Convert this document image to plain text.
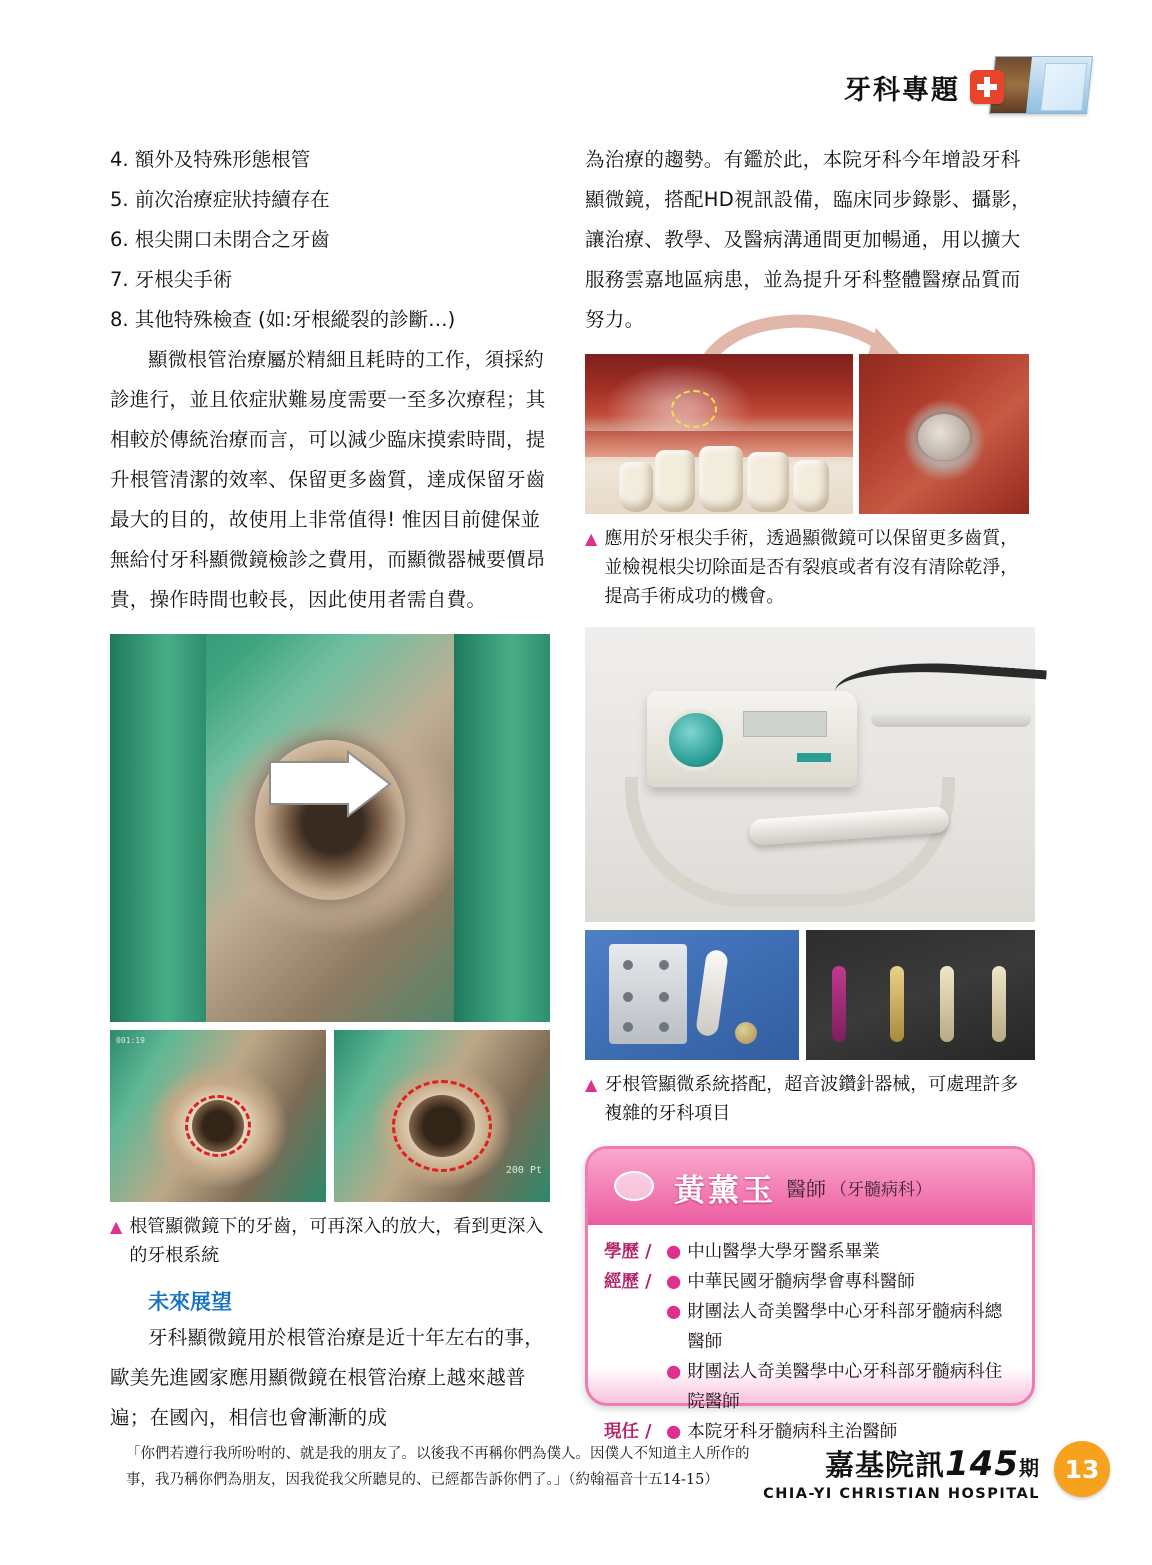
牙科專題
4. 額外及特殊形態根管
5. 前次治療症狀持續存在
6. 根尖開口未閉合之牙齒
7. 牙根尖手術
8. 其他特殊檢查 (如:牙根縱裂的診斷…)
顯微根管治療屬於精細且耗時的工作，須採約診進行，並且依症狀難易度需要一至多次療程；其相較於傳統治療而言，可以減少臨床摸索時間，提升根管清潔的效率、保留更多齒質，達成保留牙齒最大的目的，故使用上非常值得! 惟因目前健保並無給付牙科顯微鏡檢診之費用，而顯微器械要價昂貴，操作時間也較長，因此使用者需自費。
001:19
200 Pt
▲ 根管顯微鏡下的牙齒，可再深入的放大，看到更深入的牙根系統
未來展望
牙科顯微鏡用於根管治療是近十年左右的事，歐美先進國家應用顯微鏡在根管治療上越來越普遍；在國內，相信也會漸漸的成
為治療的趨勢。有鑑於此，本院牙科今年增設牙科顯微鏡，搭配HD視訊設備，臨床同步錄影、攝影，讓治療、教學、及醫病溝通間更加暢通，用以擴大服務雲嘉地區病患，並為提升牙科整體醫療品質而努力。
▲ 應用於牙根尖手術，透過顯微鏡可以保留更多齒質，並檢視根尖切除面是否有裂痕或者有沒有清除乾淨，提高手術成功的機會。
▲ 牙根管顯微系統搭配，超音波鑽針器械，可處理許多複雜的牙科項目
黃薰玉 醫師 （牙髓病科）
學歷 / ● 中山醫學大學牙醫系畢業
經歷 / ● 中華民國牙髓病學會專科醫師
● 財團法人奇美醫學中心牙科部牙髓病科總醫師
● 財團法人奇美醫學中心牙科部牙髓病科住院醫師
現任 / ● 本院牙科牙髓病科主治醫師
「你們若遵行我所吩咐的、就是我的朋友了。以後我不再稱你們為僕人。因僕人不知道主人所作的
事，我乃稱你們為朋友，因我從我父所聽見的、已經都告訴你們了。」（約翰福音十五14-15）	嘉基院訊145期
CHIA-YI CHRISTIAN HOSPITAL
13
